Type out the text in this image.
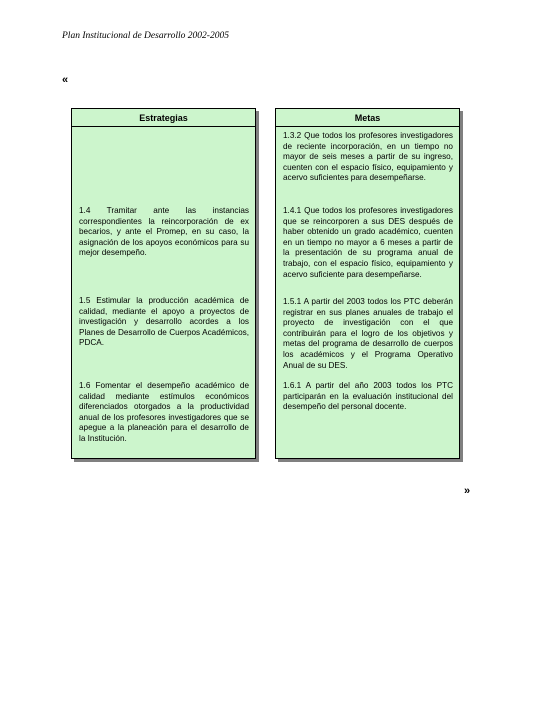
Plan Institucional de Desarrollo 2002-2005
«
Estrategias
1.4 Tramitar ante las instancias correspondientes la reincorporación de ex becarios, y ante el Promep, en su caso, la asignación de los apoyos económicos para su mejor desempeño.
1.5 Estimular la producción académica de calidad, mediante el apoyo a proyectos de investigación y desarrollo acordes a los Planes de Desarrollo de Cuerpos Académicos, PDCA.
1.6 Fomentar el desempeño académico de calidad mediante estímulos económicos diferenciados otorgados a la productividad anual de los profesores investigadores que se apegue a la planeación para el desarrollo de la Institución.
Metas
1.3.2 Que todos los profesores investigadores de reciente incorporación, en un tiempo no mayor de seis meses a partir de su ingreso, cuenten con el espacio físico, equipamiento y acervo suficientes para desempeñarse.
1.4.1 Que todos los profesores investigadores que se reincorporen a sus DES después de haber obtenido un grado académico, cuenten en un tiempo no mayor a 6 meses a partir de la presentación de su programa anual de trabajo, con el espacio físico, equipamiento y acervo suficiente para desempeñarse.
1.5.1 A partir del 2003 todos los PTC deberán registrar en sus planes anuales de trabajo el proyecto de investigación con el que contribuirán para el logro de los objetivos y metas del programa de desarrollo de cuerpos los académicos y el Programa Operativo Anual de su DES.
1.6.1 A partir del año 2003 todos los PTC participarán en la evaluación institucional del desempeño del personal docente.
»
